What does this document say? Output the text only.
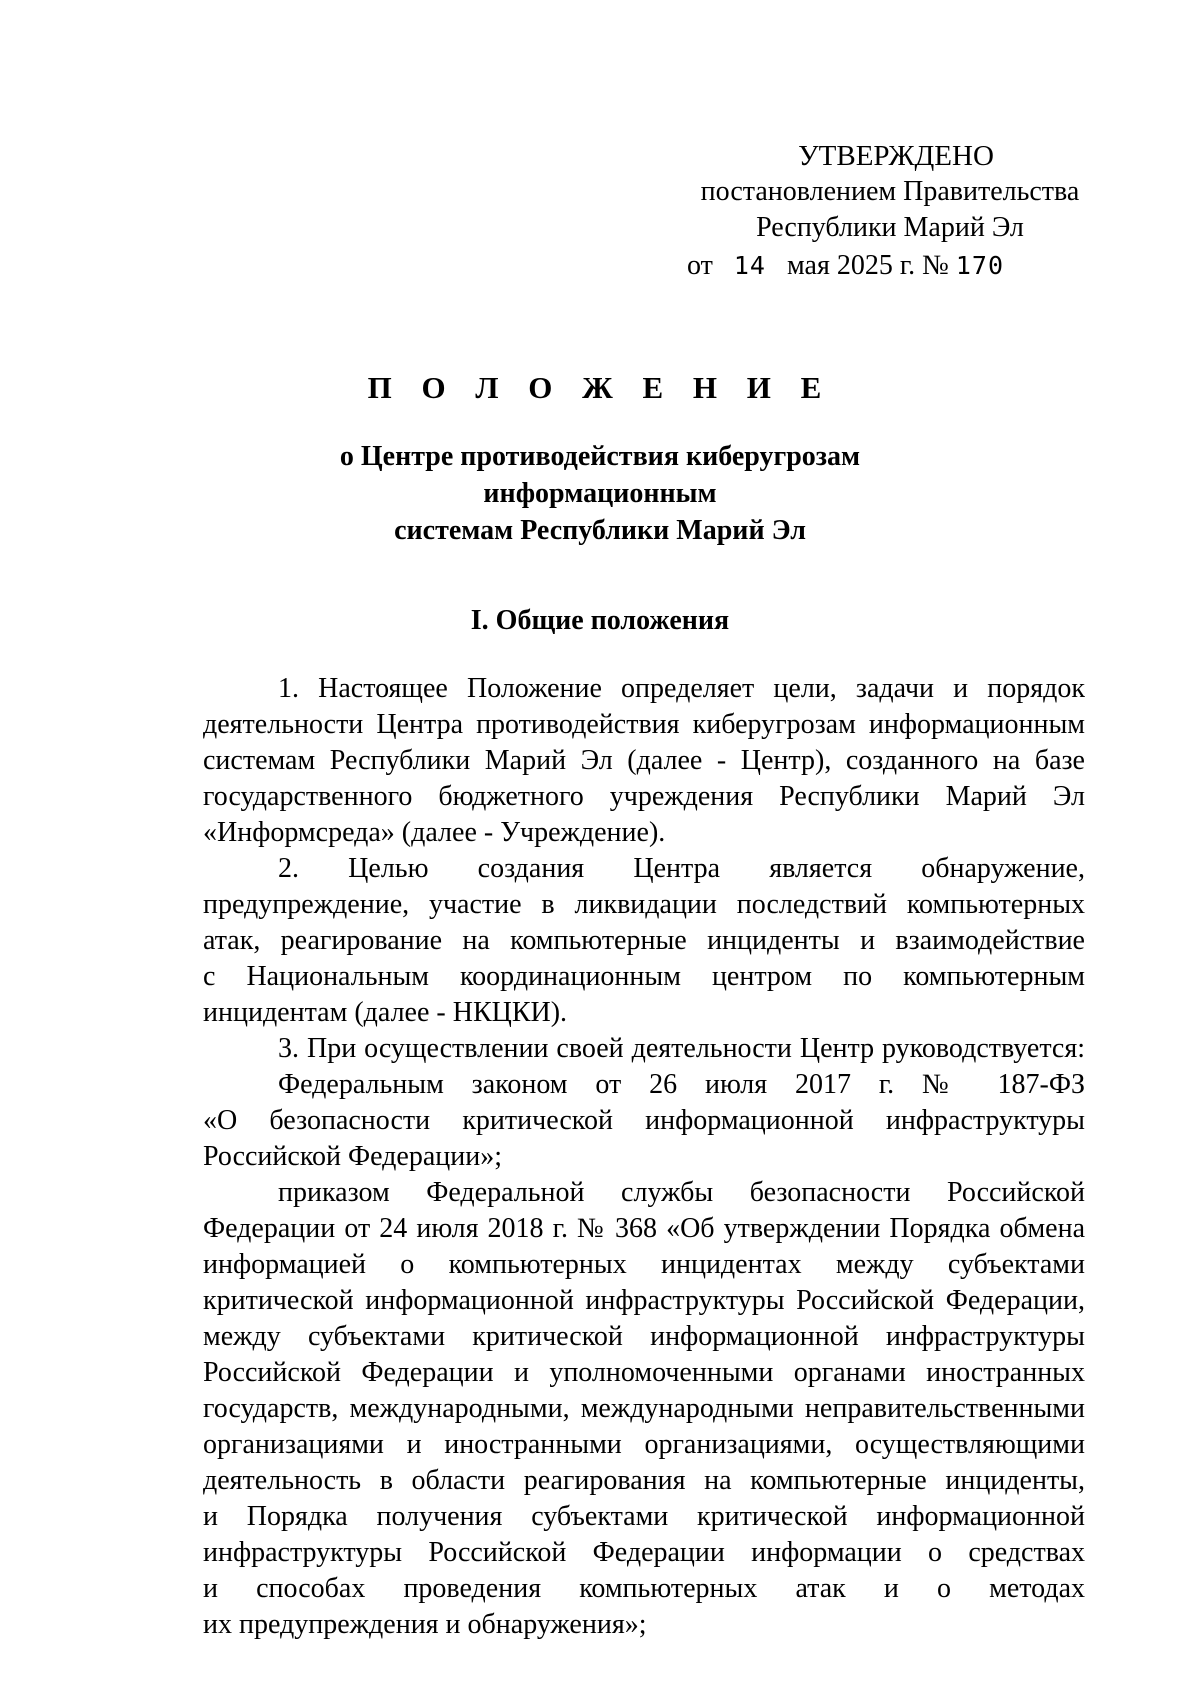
УТВЕРЖДЕНО
постановлением Правительства
Республики Марий Эл
от 14 мая 2025 г. № 170
П О Л О Ж Е Н И Е
о Центре противодействия киберугрозам информационным
системам Республики Марий Эл
I. Общие положения
1. Настоящее Положение определяет цели, задачи и порядок
деятельности Центра противодействия киберугрозам информационным
системам Республики Марий Эл (далее - Центр), созданного на базе
государственного бюджетного учреждения Республики Марий Эл
«Информсреда» (далее - Учреждение).
2. Целью создания Центра является обнаружение,
предупреждение, участие в ликвидации последствий компьютерных
атак, реагирование на компьютерные инциденты и взаимодействие
с Национальным координационным центром по компьютерным
инцидентам (далее - НКЦКИ).
3. При осуществлении своей деятельности Центр руководствуется:
Федеральным законом от 26 июля 2017 г. № 187-ФЗ
«О безопасности критической информационной инфраструктуры
Российской Федерации»;
приказом Федеральной службы безопасности Российской
Федерации от 24 июля 2018 г. № 368 «Об утверждении Порядка обмена
информацией о компьютерных инцидентах между субъектами
критической информационной инфраструктуры Российской Федерации,
между субъектами критической информационной инфраструктуры
Российской Федерации и уполномоченными органами иностранных
государств, международными, международными неправительственными
организациями и иностранными организациями, осуществляющими
деятельность в области реагирования на компьютерные инциденты,
и Порядка получения субъектами критической информационной
инфраструктуры Российской Федерации информации о средствах
и способах проведения компьютерных атак и о методах
их предупреждения и обнаружения»;
